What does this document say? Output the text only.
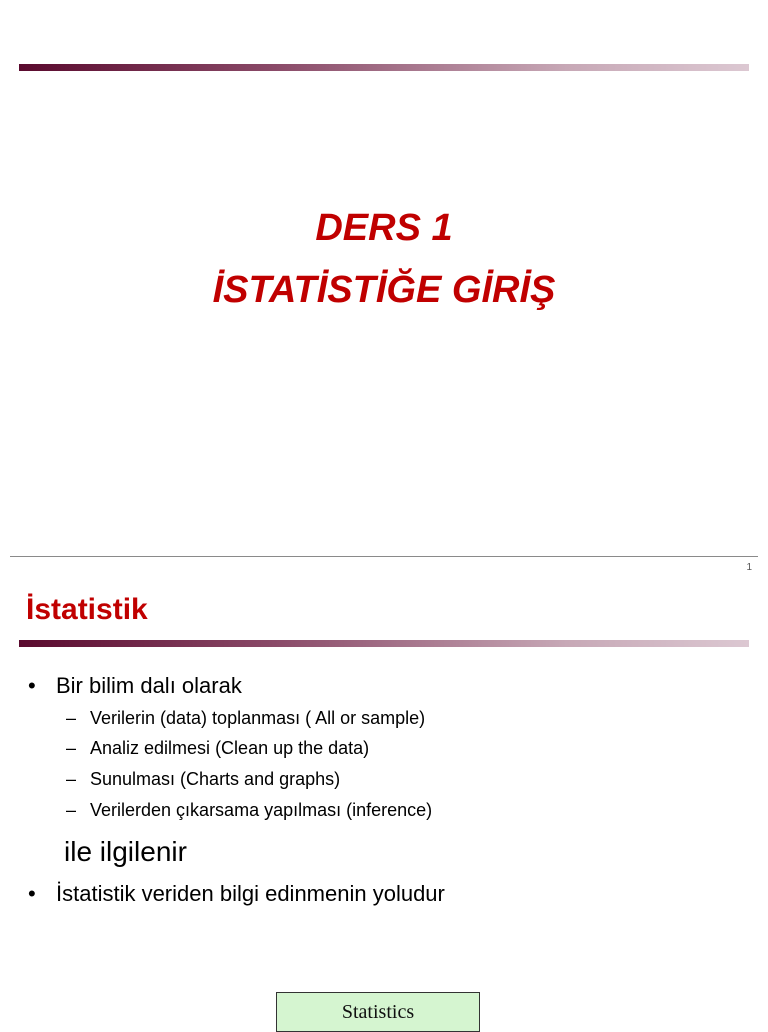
DERS 1
İSTATİSTİĞE GİRİŞ
1
İstatistik
• Bir bilim dalı olarak
– Verilerin (data) toplanması ( All or sample)
– Analiz edilmesi (Clean up the data)
– Sunulması (Charts and graphs)
– Verilerden çıkarsama yapılması (inference)
ile ilgilenir
• İstatistik veriden bilgi edinmenin yoludur
Statistics
